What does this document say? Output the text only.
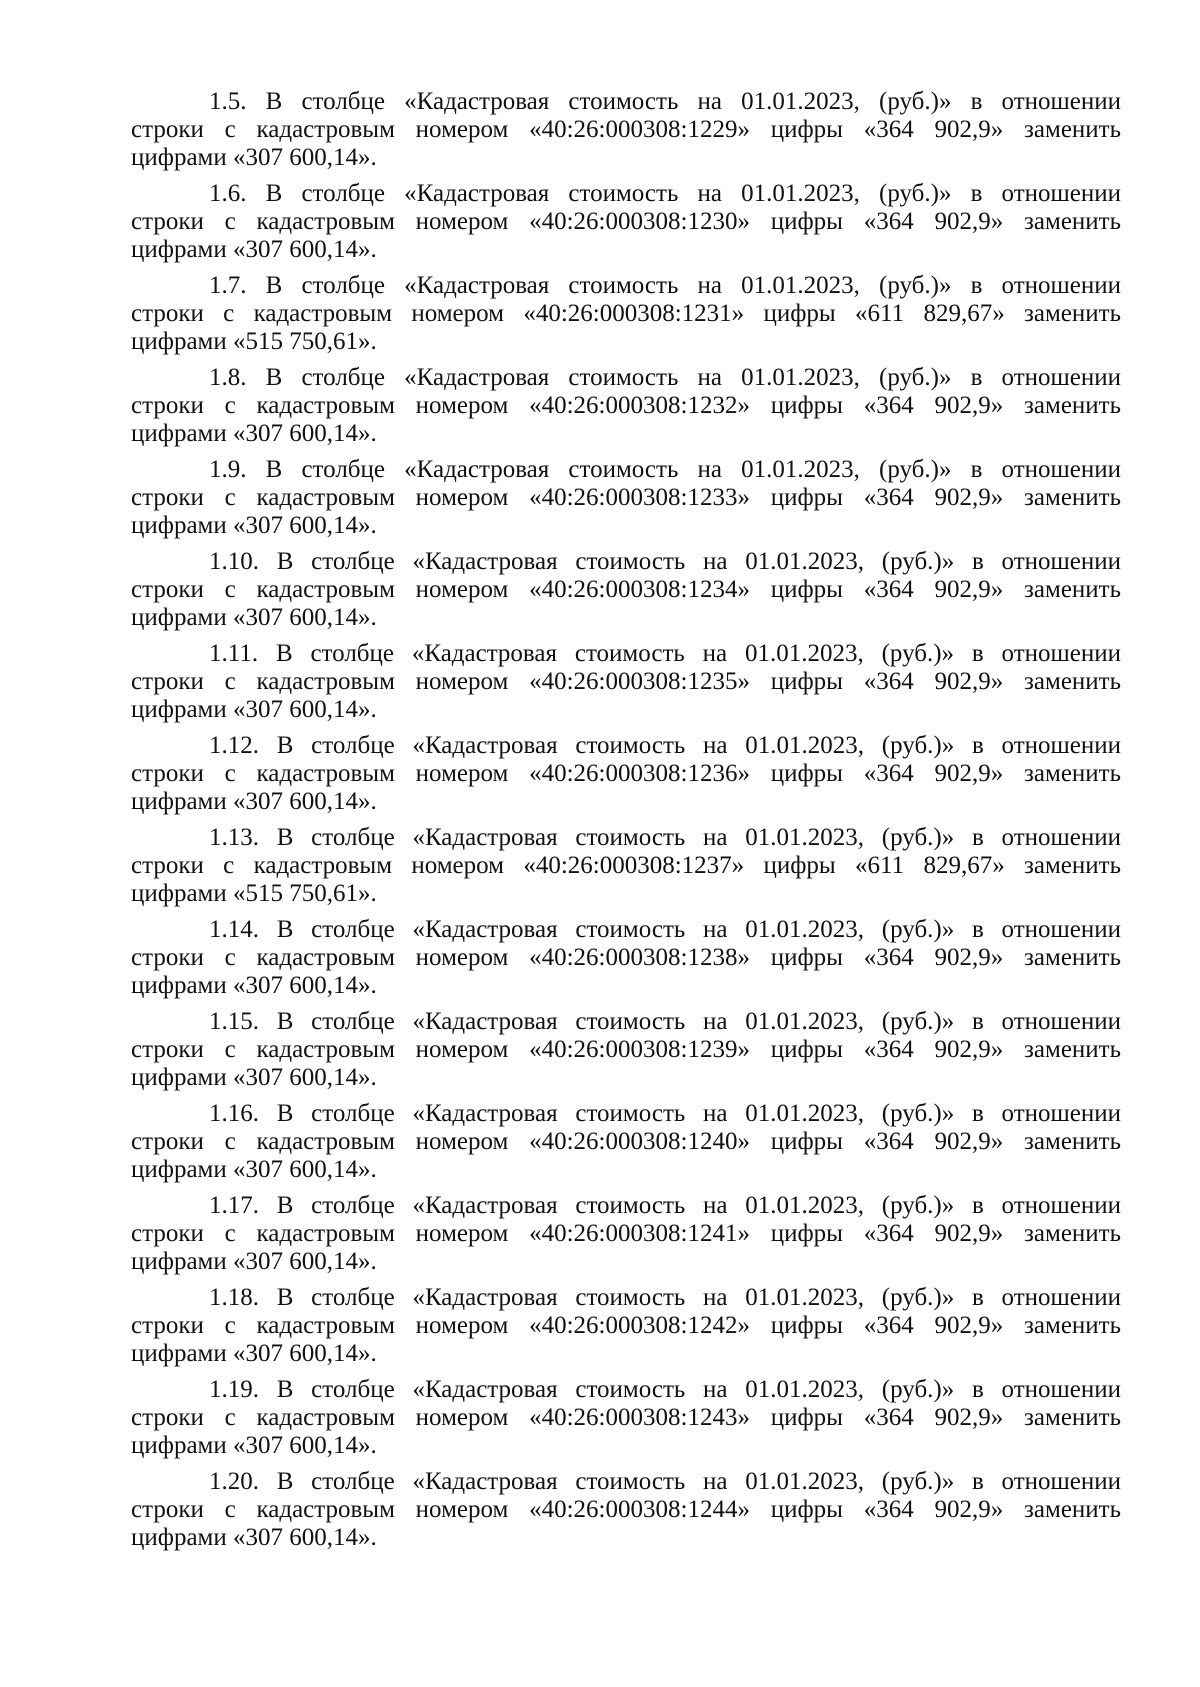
1.5. В столбце «Кадастровая стоимость на 01.01.2023, (руб.)» в отношении
строки с кадастровым номером «40:26:000308:1229» цифры «364 902,9» заменить
цифрами «307 600,14».
1.6. В столбце «Кадастровая стоимость на 01.01.2023, (руб.)» в отношении
строки с кадастровым номером «40:26:000308:1230» цифры «364 902,9» заменить
цифрами «307 600,14».
1.7. В столбце «Кадастровая стоимость на 01.01.2023, (руб.)» в отношении
строки с кадастровым номером «40:26:000308:1231» цифры «611 829,67» заменить
цифрами «515 750,61».
1.8. В столбце «Кадастровая стоимость на 01.01.2023, (руб.)» в отношении
строки с кадастровым номером «40:26:000308:1232» цифры «364 902,9» заменить
цифрами «307 600,14».
1.9. В столбце «Кадастровая стоимость на 01.01.2023, (руб.)» в отношении
строки с кадастровым номером «40:26:000308:1233» цифры «364 902,9» заменить
цифрами «307 600,14».
1.10. В столбце «Кадастровая стоимость на 01.01.2023, (руб.)» в отношении
строки с кадастровым номером «40:26:000308:1234» цифры «364 902,9» заменить
цифрами «307 600,14».
1.11. В столбце «Кадастровая стоимость на 01.01.2023, (руб.)» в отношении
строки с кадастровым номером «40:26:000308:1235» цифры «364 902,9» заменить
цифрами «307 600,14».
1.12. В столбце «Кадастровая стоимость на 01.01.2023, (руб.)» в отношении
строки с кадастровым номером «40:26:000308:1236» цифры «364 902,9» заменить
цифрами «307 600,14».
1.13. В столбце «Кадастровая стоимость на 01.01.2023, (руб.)» в отношении
строки с кадастровым номером «40:26:000308:1237» цифры «611 829,67» заменить
цифрами «515 750,61».
1.14. В столбце «Кадастровая стоимость на 01.01.2023, (руб.)» в отношении
строки с кадастровым номером «40:26:000308:1238» цифры «364 902,9» заменить
цифрами «307 600,14».
1.15. В столбце «Кадастровая стоимость на 01.01.2023, (руб.)» в отношении
строки с кадастровым номером «40:26:000308:1239» цифры «364 902,9» заменить
цифрами «307 600,14».
1.16. В столбце «Кадастровая стоимость на 01.01.2023, (руб.)» в отношении
строки с кадастровым номером «40:26:000308:1240» цифры «364 902,9» заменить
цифрами «307 600,14».
1.17. В столбце «Кадастровая стоимость на 01.01.2023, (руб.)» в отношении
строки с кадастровым номером «40:26:000308:1241» цифры «364 902,9» заменить
цифрами «307 600,14».
1.18. В столбце «Кадастровая стоимость на 01.01.2023, (руб.)» в отношении
строки с кадастровым номером «40:26:000308:1242» цифры «364 902,9» заменить
цифрами «307 600,14».
1.19. В столбце «Кадастровая стоимость на 01.01.2023, (руб.)» в отношении
строки с кадастровым номером «40:26:000308:1243» цифры «364 902,9» заменить
цифрами «307 600,14».
1.20. В столбце «Кадастровая стоимость на 01.01.2023, (руб.)» в отношении
строки с кадастровым номером «40:26:000308:1244» цифры «364 902,9» заменить
цифрами «307 600,14».
